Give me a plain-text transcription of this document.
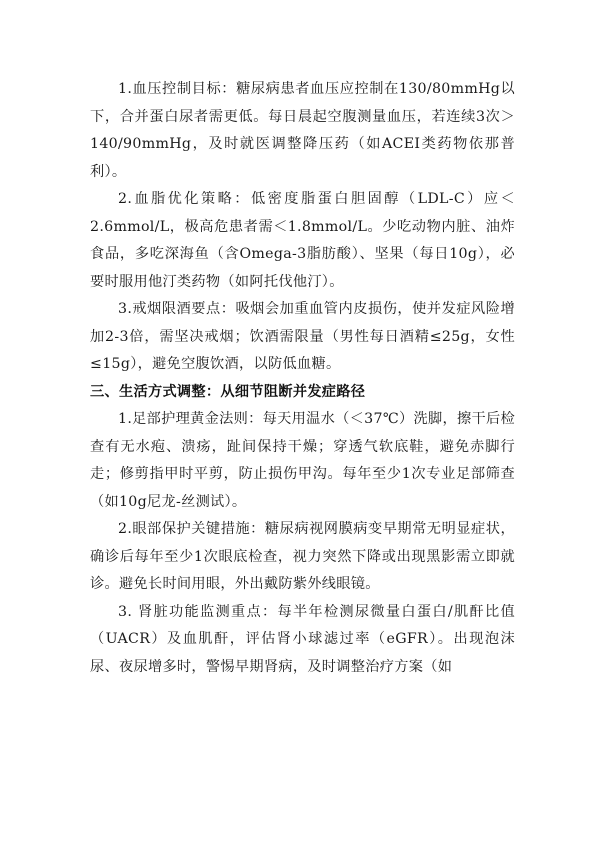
1.血压控制目标：糖尿病患者血压应控制在130/80mmHg以下，合并蛋白尿者需更低。每日晨起空腹测量血压，若连续3次＞140/90mmHg，及时就医调整降压药（如ACEI类药物依那普利）。

2.血脂优化策略：低密度脂蛋白胆固醇（LDL-C）应＜2.6mmol/L，极高危患者需＜1.8mmol/L。少吃动物内脏、油炸食品，多吃深海鱼（含Omega-3脂肪酸）、坚果（每日10g），必要时服用他汀类药物（如阿托伐他汀）。

3.戒烟限酒要点：吸烟会加重血管内皮损伤，使并发症风险增加2-3倍，需坚决戒烟；饮酒需限量（男性每日酒精≤25g，女性≤15g），避免空腹饮酒，以防低血糖。

三、生活方式调整：从细节阻断并发症路径

1.足部护理黄金法则：每天用温水（＜37℃）洗脚，擦干后检查有无水疱、溃疡，趾间保持干燥；穿透气软底鞋，避免赤脚行走；修剪指甲时平剪，防止损伤甲沟。每年至少1次专业足部筛查（如10g尼龙-丝测试）。

2.眼部保护关键措施：糖尿病视网膜病变早期常无明显症状，确诊后每年至少1次眼底检查，视力突然下降或出现黑影需立即就诊。避免长时间用眼，外出戴防紫外线眼镜。

3. 肾脏功能监测重点：每半年检测尿微量白蛋白/肌酐比值（UACR）及血肌酐，评估肾小球滤过率（eGFR）。出现泡沫尿、夜尿增多时，警惕早期肾病，及时调整治疗方案（如
